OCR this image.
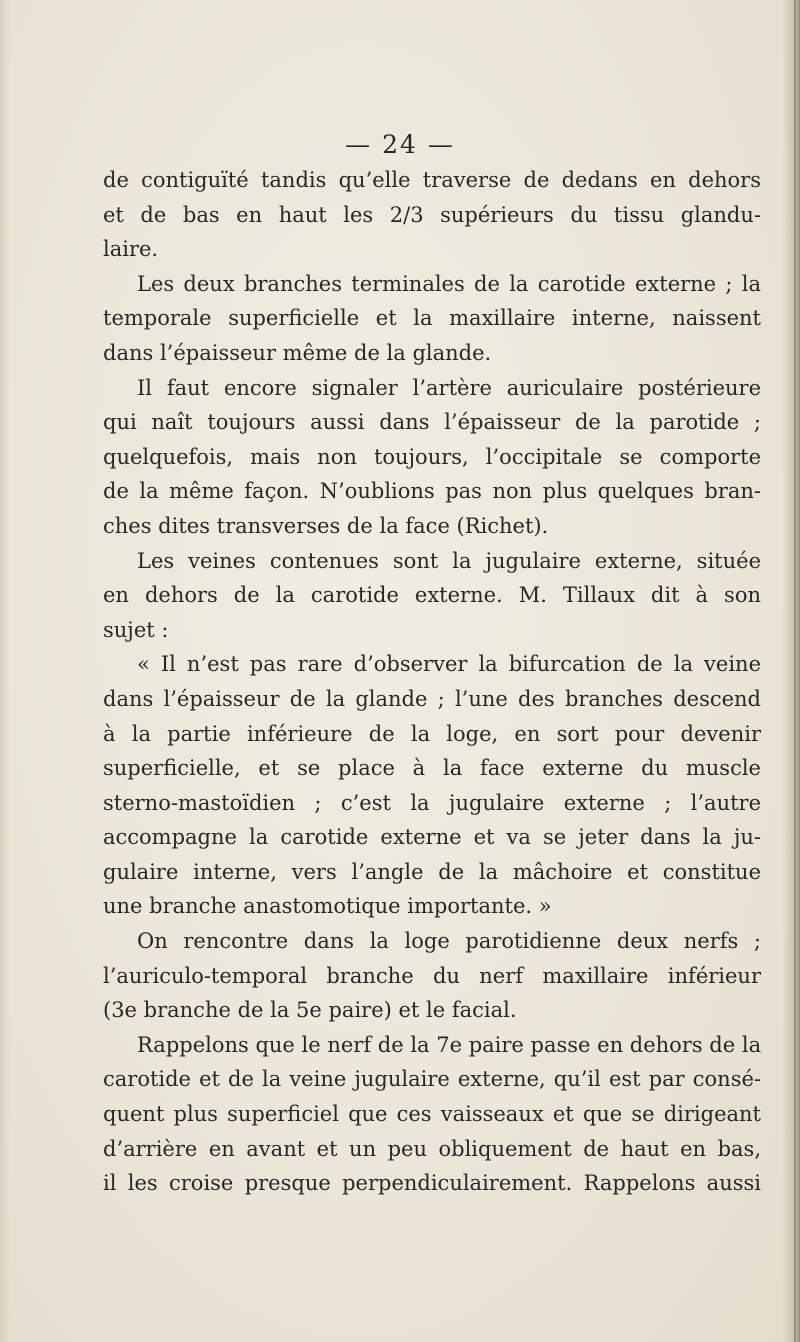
— 24 —
de contiguïté tandis qu’elle traverse de dedans en dehors
et de bas en haut les 2/3 supérieurs du tissu glandu-
laire.
Les deux branches terminales de la carotide externe ; la
temporale superficielle et la maxillaire interne, naissent
dans l’épaisseur même de la glande.
Il faut encore signaler l’artère auriculaire postérieure
qui naît toujours aussi dans l’épaisseur de la parotide ;
quelquefois, mais non toujours, l’occipitale se comporte
de la même façon. N’oublions pas non plus quelques bran-
ches dites transverses de la face (Richet).
Les veines contenues sont la jugulaire externe, située
en dehors de la carotide externe. M. Tillaux dit à son
sujet :
« Il n’est pas rare d’observer la bifurcation de la veine
dans l’épaisseur de la glande ; l’une des branches descend
à la partie inférieure de la loge, en sort pour devenir
superficielle, et se place à la face externe du muscle
sterno-mastoïdien ; c’est la jugulaire externe ; l’autre
accompagne la carotide externe et va se jeter dans la ju-
gulaire interne, vers l’angle de la mâchoire et constitue
une branche anastomotique importante. »
On rencontre dans la loge parotidienne deux nerfs ;
l’auriculo-temporal branche du nerf maxillaire inférieur
(3e branche de la 5e paire) et le facial.
Rappelons que le nerf de la 7e paire passe en dehors de la
carotide et de la veine jugulaire externe, qu’il est par consé-
quent plus superficiel que ces vaisseaux et que se dirigeant
d’arrière en avant et un peu obliquement de haut en bas,
il les croise presque perpendiculairement. Rappelons aussi
